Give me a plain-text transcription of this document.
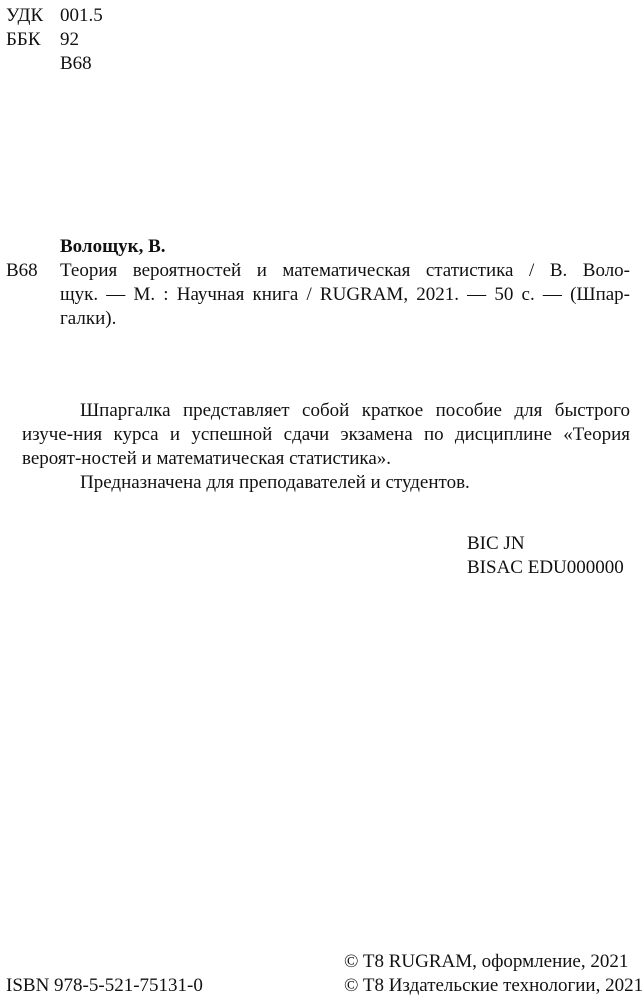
УДК 001.5
ББК 92
В68
Волощук, В.
В68 Теория вероятностей и математическая статистика / В. Воло-
щук. — М. : Научная книга / RUGRAM, 2021. — 50 с. — (Шпар-
галки).
Шпаргалка представляет собой краткое пособие для быстрого
изуче-ния курса и успешной сдачи экзамена по дисциплине «Теория
вероят-ностей и математическая статистика».
Предназначена для преподавателей и студентов.
BIC JN
BISAC EDU000000
ISBN 978-5-521-75131-0
© T8 RUGRAM, оформление, 2021
© T8 Издательские технологии, 2021
